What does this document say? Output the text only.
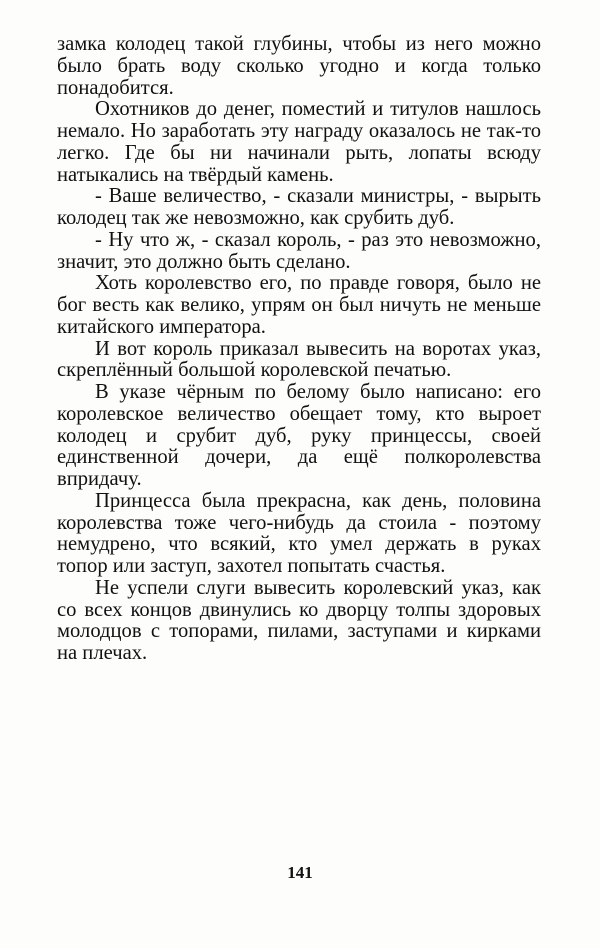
замка колодец такой глубины, чтобы из него можно было брать воду сколько угодно и когда только понадобится.

Охотников до денег, поместий и титулов нашлось немало. Но заработать эту награду оказалось не так-то легко. Где бы ни начинали рыть, лопаты всюду натыкались на твёрдый камень.

- Ваше величество, - сказали министры, - вырыть колодец так же невозможно, как срубить дуб.

- Ну что ж, - сказал король, - раз это невозможно, значит, это должно быть сделано.

Хоть королевство его, по правде говоря, было не бог весть как велико, упрям он был ничуть не меньше китайского императора.

И вот король приказал вывесить на воротах указ, скреплённый большой королевской печатью.

В указе чёрным по белому было написано: его королевское величество обещает тому, кто выроет колодец и срубит дуб, руку принцессы, своей единственной дочери, да ещё полкоролевства впридачу.

Принцесса была прекрасна, как день, половина королевства тоже чего-нибудь да стоила - поэтому немудрено, что всякий, кто умел держать в руках топор или заступ, захотел попытать счастья.

Не успели слуги вывесить королевский указ, как со всех концов двинулись ко дворцу толпы здоровых молодцов с топорами, пилами, заступами и кирками на плечах.

141
